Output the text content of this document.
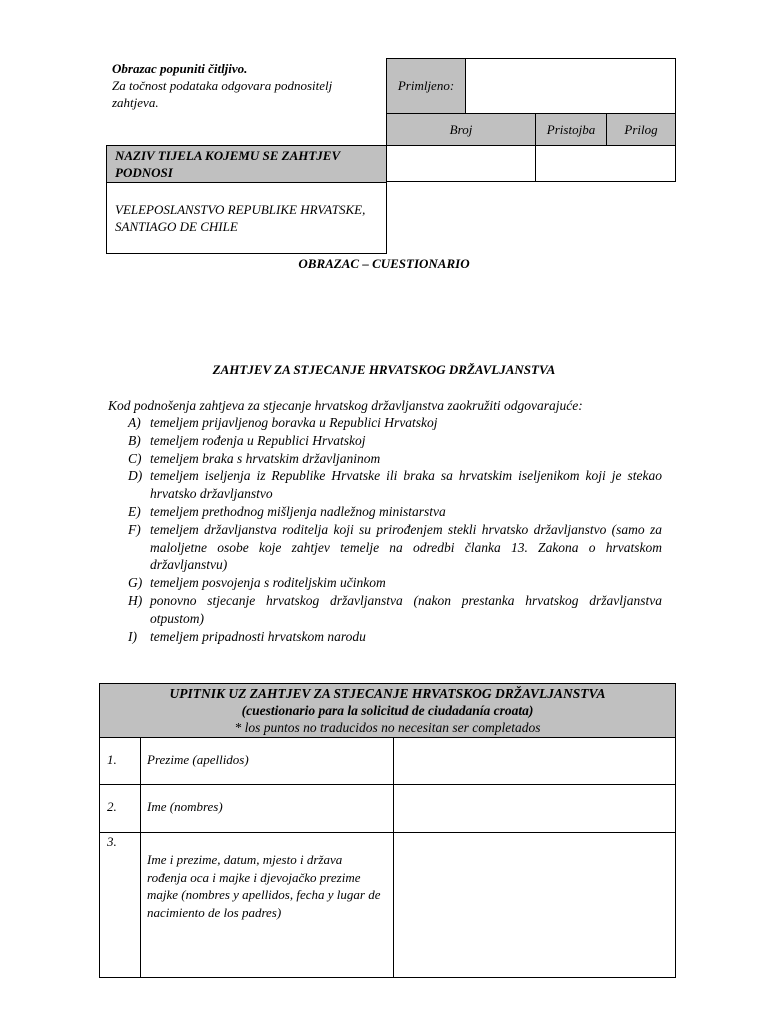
Obrazac popuniti čitljivo.
Za točnost podataka odgovara podnositelj zahtjeva.
Primljeno:
Broj	Pristojba Prilog
NAZIV TIJELA KOJEMU SE ZAHTJEV PODNOSI
VELEPOSLANSTVO REPUBLIKE HRVATSKE, SANTIAGO DE CHILE
OBRAZAC – CUESTIONARIO
ZAHTJEV ZA STJECANJE HRVATSKOG DRŽAVLJANSTVA
Kod podnošenja zahtjeva za stjecanje hrvatskog državljanstva zaokružiti odgovarajuće:
A) temeljem prijavljenog boravka u Republici Hrvatskoj
B) temeljem rođenja u Republici Hrvatskoj
C) temeljem braka s hrvatskim državljaninom
D) temeljem iseljenja iz Republike Hrvatske ili braka sa hrvatskim iseljenikom koji je stekao hrvatsko državljanstvo
E) temeljem prethodnog mišljenja nadležnog ministarstva
F) temeljem državljanstva roditelja koji su prirođenjem stekli hrvatsko državljanstvo (samo za maloljetne osobe koje zahtjev temelje na odredbi članka 13. Zakona o hrvatskom državljanstvu)
G) temeljem posvojenja s roditeljskim učinkom
H) ponovno stjecanje hrvatskog državljanstva (nakon prestanka hrvatskog državljanstva otpustom)
I) temeljem pripadnosti hrvatskom narodu
UPITNIK UZ ZAHTJEV ZA STJECANJE HRVATSKOG DRŽAVLJANSTVA
(cuestionario para la solicitud de ciudadanía croata)
* los puntos no traducidos no necesitan ser completados
1. Prezime (apellidos)
2. Ime (nombres)
3.
Ime i prezime, datum, mjesto i država rođenja oca i majke i djevojačko prezime majke (nombres y apellidos, fecha y lugar de nacimiento de los padres)
